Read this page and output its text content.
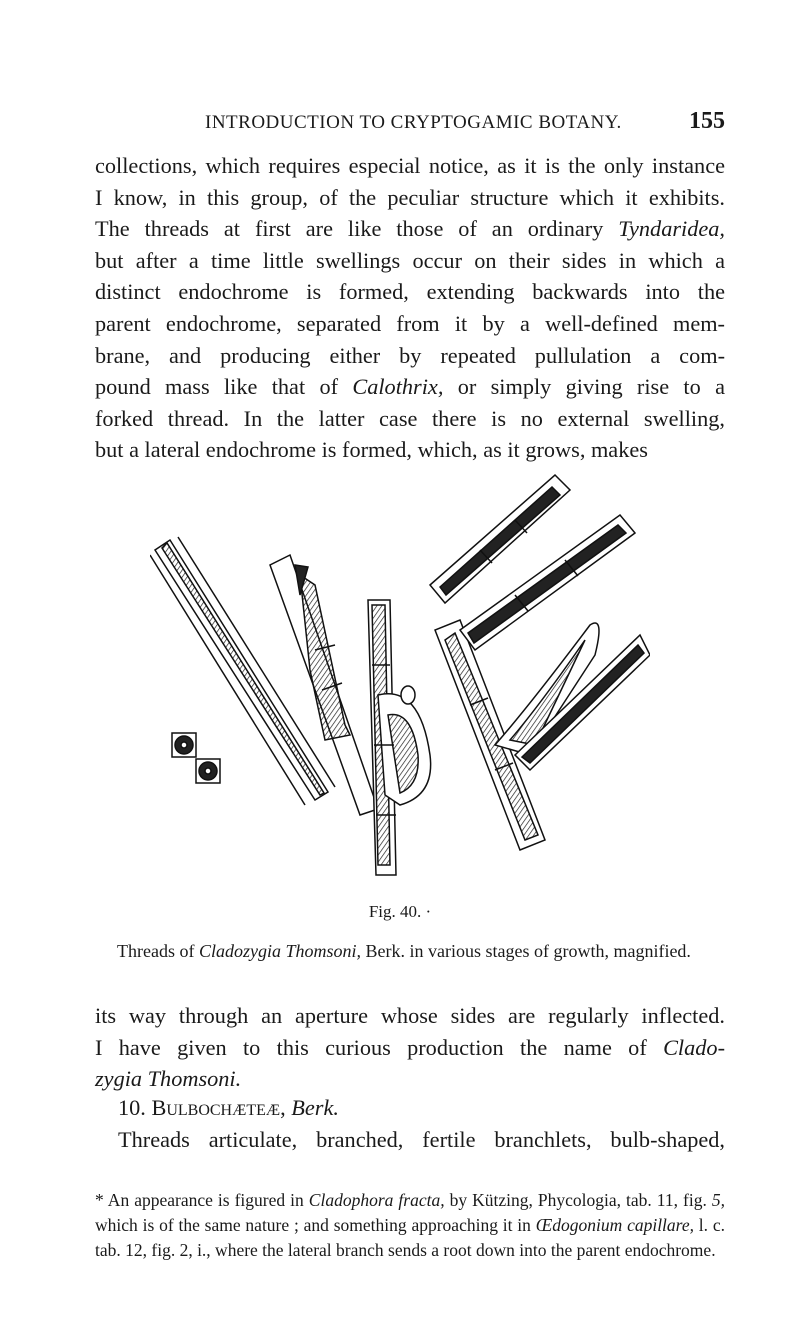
INTRODUCTION TO CRYPTOGAMIC BOTANY.	155
collections, which requires especial notice, as it is the only instance
I know, in this group, of the peculiar structure which it exhibits.
The threads at first are like those of an ordinary Tyndaridea,
but after a time little swellings occur on their sides in which a
distinct endochrome is formed, extending backwards into the
parent endochrome, separated from it by a well-defined mem-
brane, and producing either by repeated pullulation a com-
pound mass like that of Calothrix, or simply giving rise to a
forked thread. In the latter case there is no external swelling,
but a lateral endochrome is formed, which, as it grows, makes
Fig. 40. ·

Threads of Cladozygia Thomsoni, Berk. in various stages of growth, magnified.

its way through an aperture whose sides are regularly inflected.
I have given to this curious production the name of Clado-
zygia Thomsoni.
10. Bulbochæteæ, Berk.
Threads articulate, branched, fertile branchlets, bulb-shaped,

* An appearance is figured in Cladophora fracta, by Kützing, Phycologia, tab. 11, fig. 5, which is of the same nature ; and something approaching it in Œdogonium capillare, l. c. tab. 12, fig. 2, i., where the lateral branch sends a root down into the parent endochrome.
